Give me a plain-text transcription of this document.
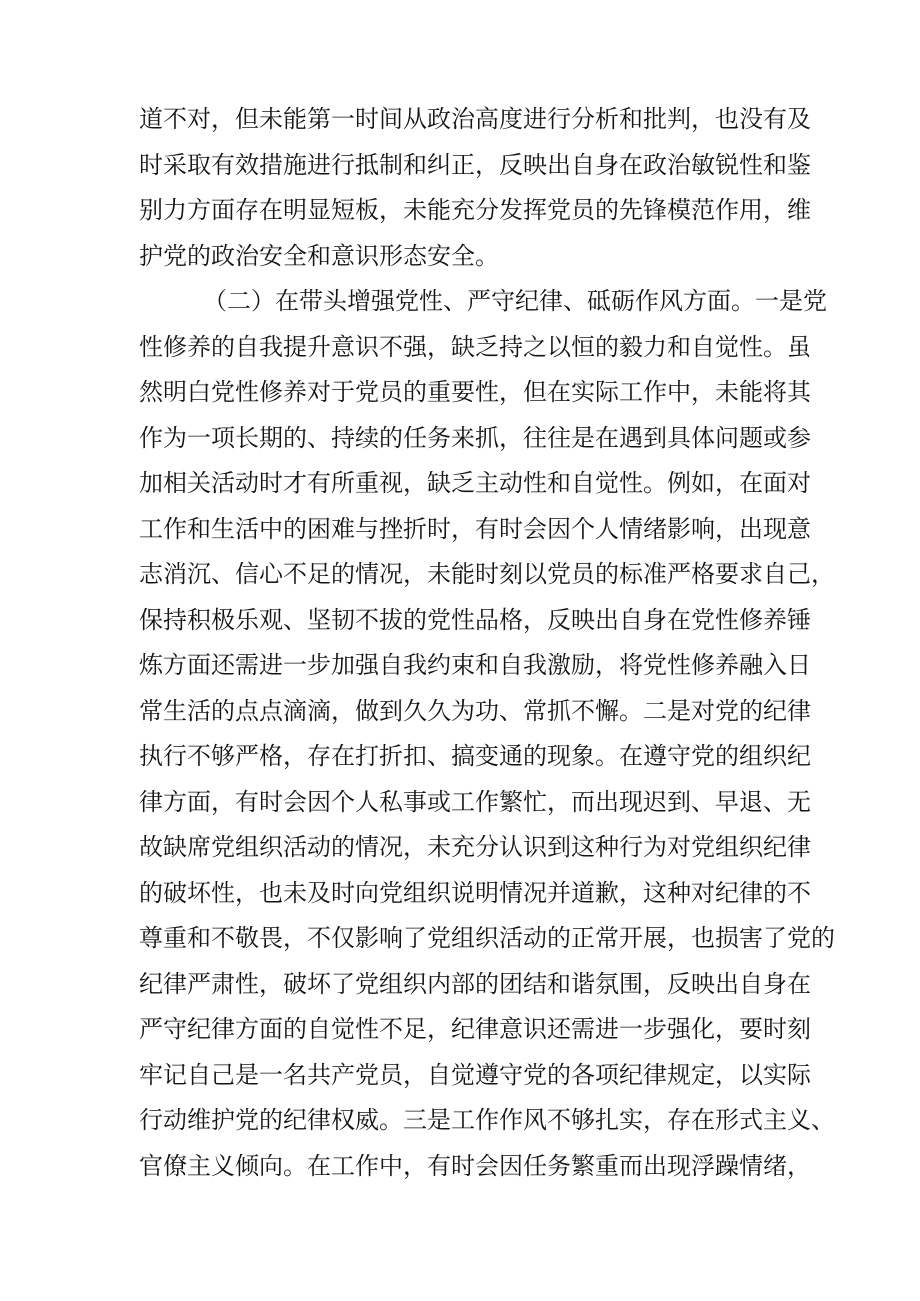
道不对，但未能第一时间从政治高度进行分析和批判，也没有及
时采取有效措施进行抵制和纠正，反映出自身在政治敏锐性和鉴
别力方面存在明显短板，未能充分发挥党员的先锋模范作用，维
护党的政治安全和意识形态安全。
（二）在带头增强党性、严守纪律、砥砺作风方面。一是党
性修养的自我提升意识不强，缺乏持之以恒的毅力和自觉性。虽
然明白党性修养对于党员的重要性，但在实际工作中，未能将其
作为一项长期的、持续的任务来抓，往往是在遇到具体问题或参
加相关活动时才有所重视，缺乏主动性和自觉性。例如，在面对
工作和生活中的困难与挫折时，有时会因个人情绪影响，出现意
志消沉、信心不足的情况，未能时刻以党员的标准严格要求自己，
保持积极乐观、坚韧不拔的党性品格，反映出自身在党性修养锤
炼方面还需进一步加强自我约束和自我激励，将党性修养融入日
常生活的点点滴滴，做到久久为功、常抓不懈。二是对党的纪律
执行不够严格，存在打折扣、搞变通的现象。在遵守党的组织纪
律方面，有时会因个人私事或工作繁忙，而出现迟到、早退、无
故缺席党组织活动的情况，未充分认识到这种行为对党组织纪律
的破坏性，也未及时向党组织说明情况并道歉，这种对纪律的不
尊重和不敬畏，不仅影响了党组织活动的正常开展，也损害了党的
纪律严肃性，破坏了党组织内部的团结和谐氛围，反映出自身在
严守纪律方面的自觉性不足，纪律意识还需进一步强化，要时刻
牢记自己是一名共产党员，自觉遵守党的各项纪律规定，以实际
行动维护党的纪律权威。三是工作作风不够扎实，存在形式主义、
官僚主义倾向。在工作中，有时会因任务繁重而出现浮躁情绪，
